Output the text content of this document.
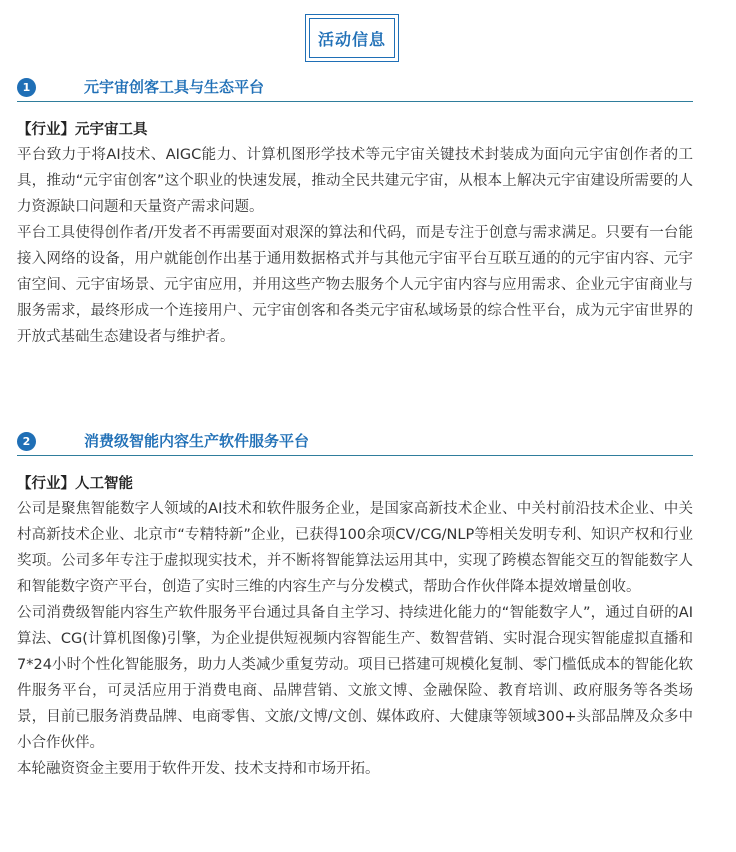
活动信息
1	元宇宙创客工具与生态平台
【行业】元宇宙工具

平台致力于将AI技术、AIGC能力、计算机图形学技术等元宇宙关键技术封装成为面向元宇宙创作者的工具，推动“元宇宙创客”这个职业的快速发展，推动全民共建元宇宙，从根本上解决元宇宙建设所需要的人力资源缺口问题和天量资产需求问题。

平台工具使得创作者/开发者不再需要面对艰深的算法和代码，而是专注于创意与需求满足。只要有一台能接入网络的设备，用户就能创作出基于通用数据格式并与其他元宇宙平台互联互通的的元宇宙内容、元宇宙空间、元宇宙场景、元宇宙应用，并用这些产物去服务个人元宇宙内容与应用需求、企业元宇宙商业与服务需求，最终形成一个连接用户、元宇宙创客和各类元宇宙私域场景的综合性平台，成为元宇宙世界的开放式基础生态建设者与维护者。

2	消费级智能内容生产软件服务平台
【行业】人工智能

公司是聚焦智能数字人领域的AI技术和软件服务企业，是国家高新技术企业、中关村前沿技术企业、中关村高新技术企业、北京市“专精特新”企业，已获得100余项CV/CG/NLP等相关发明专利、知识产权和行业奖项。公司多年专注于虚拟现实技术，并不断将智能算法运用其中，实现了跨模态智能交互的智能数字人和智能数字资产平台，创造了实时三维的内容生产与分发模式，帮助合作伙伴降本提效增量创收。

公司消费级智能内容生产软件服务平台通过具备自主学习、持续进化能力的“智能数字人”，通过自研的AI算法、CG(计算机图像)引擎，为企业提供短视频内容智能生产、数智营销、实时混合现实智能虚拟直播和7*24小时个性化智能服务，助力人类减少重复劳动。项目已搭建可规模化复制、零门槛低成本的智能化软件服务平台，可灵活应用于消费电商、品牌营销、文旅文博、金融保险、教育培训、政府服务等各类场景，目前已服务消费品牌、电商零售、文旅/文博/文创、媒体政府、大健康等领域300+头部品牌及众多中小合作伙伴。

本轮融资资金主要用于软件开发、技术支持和市场开拓。
